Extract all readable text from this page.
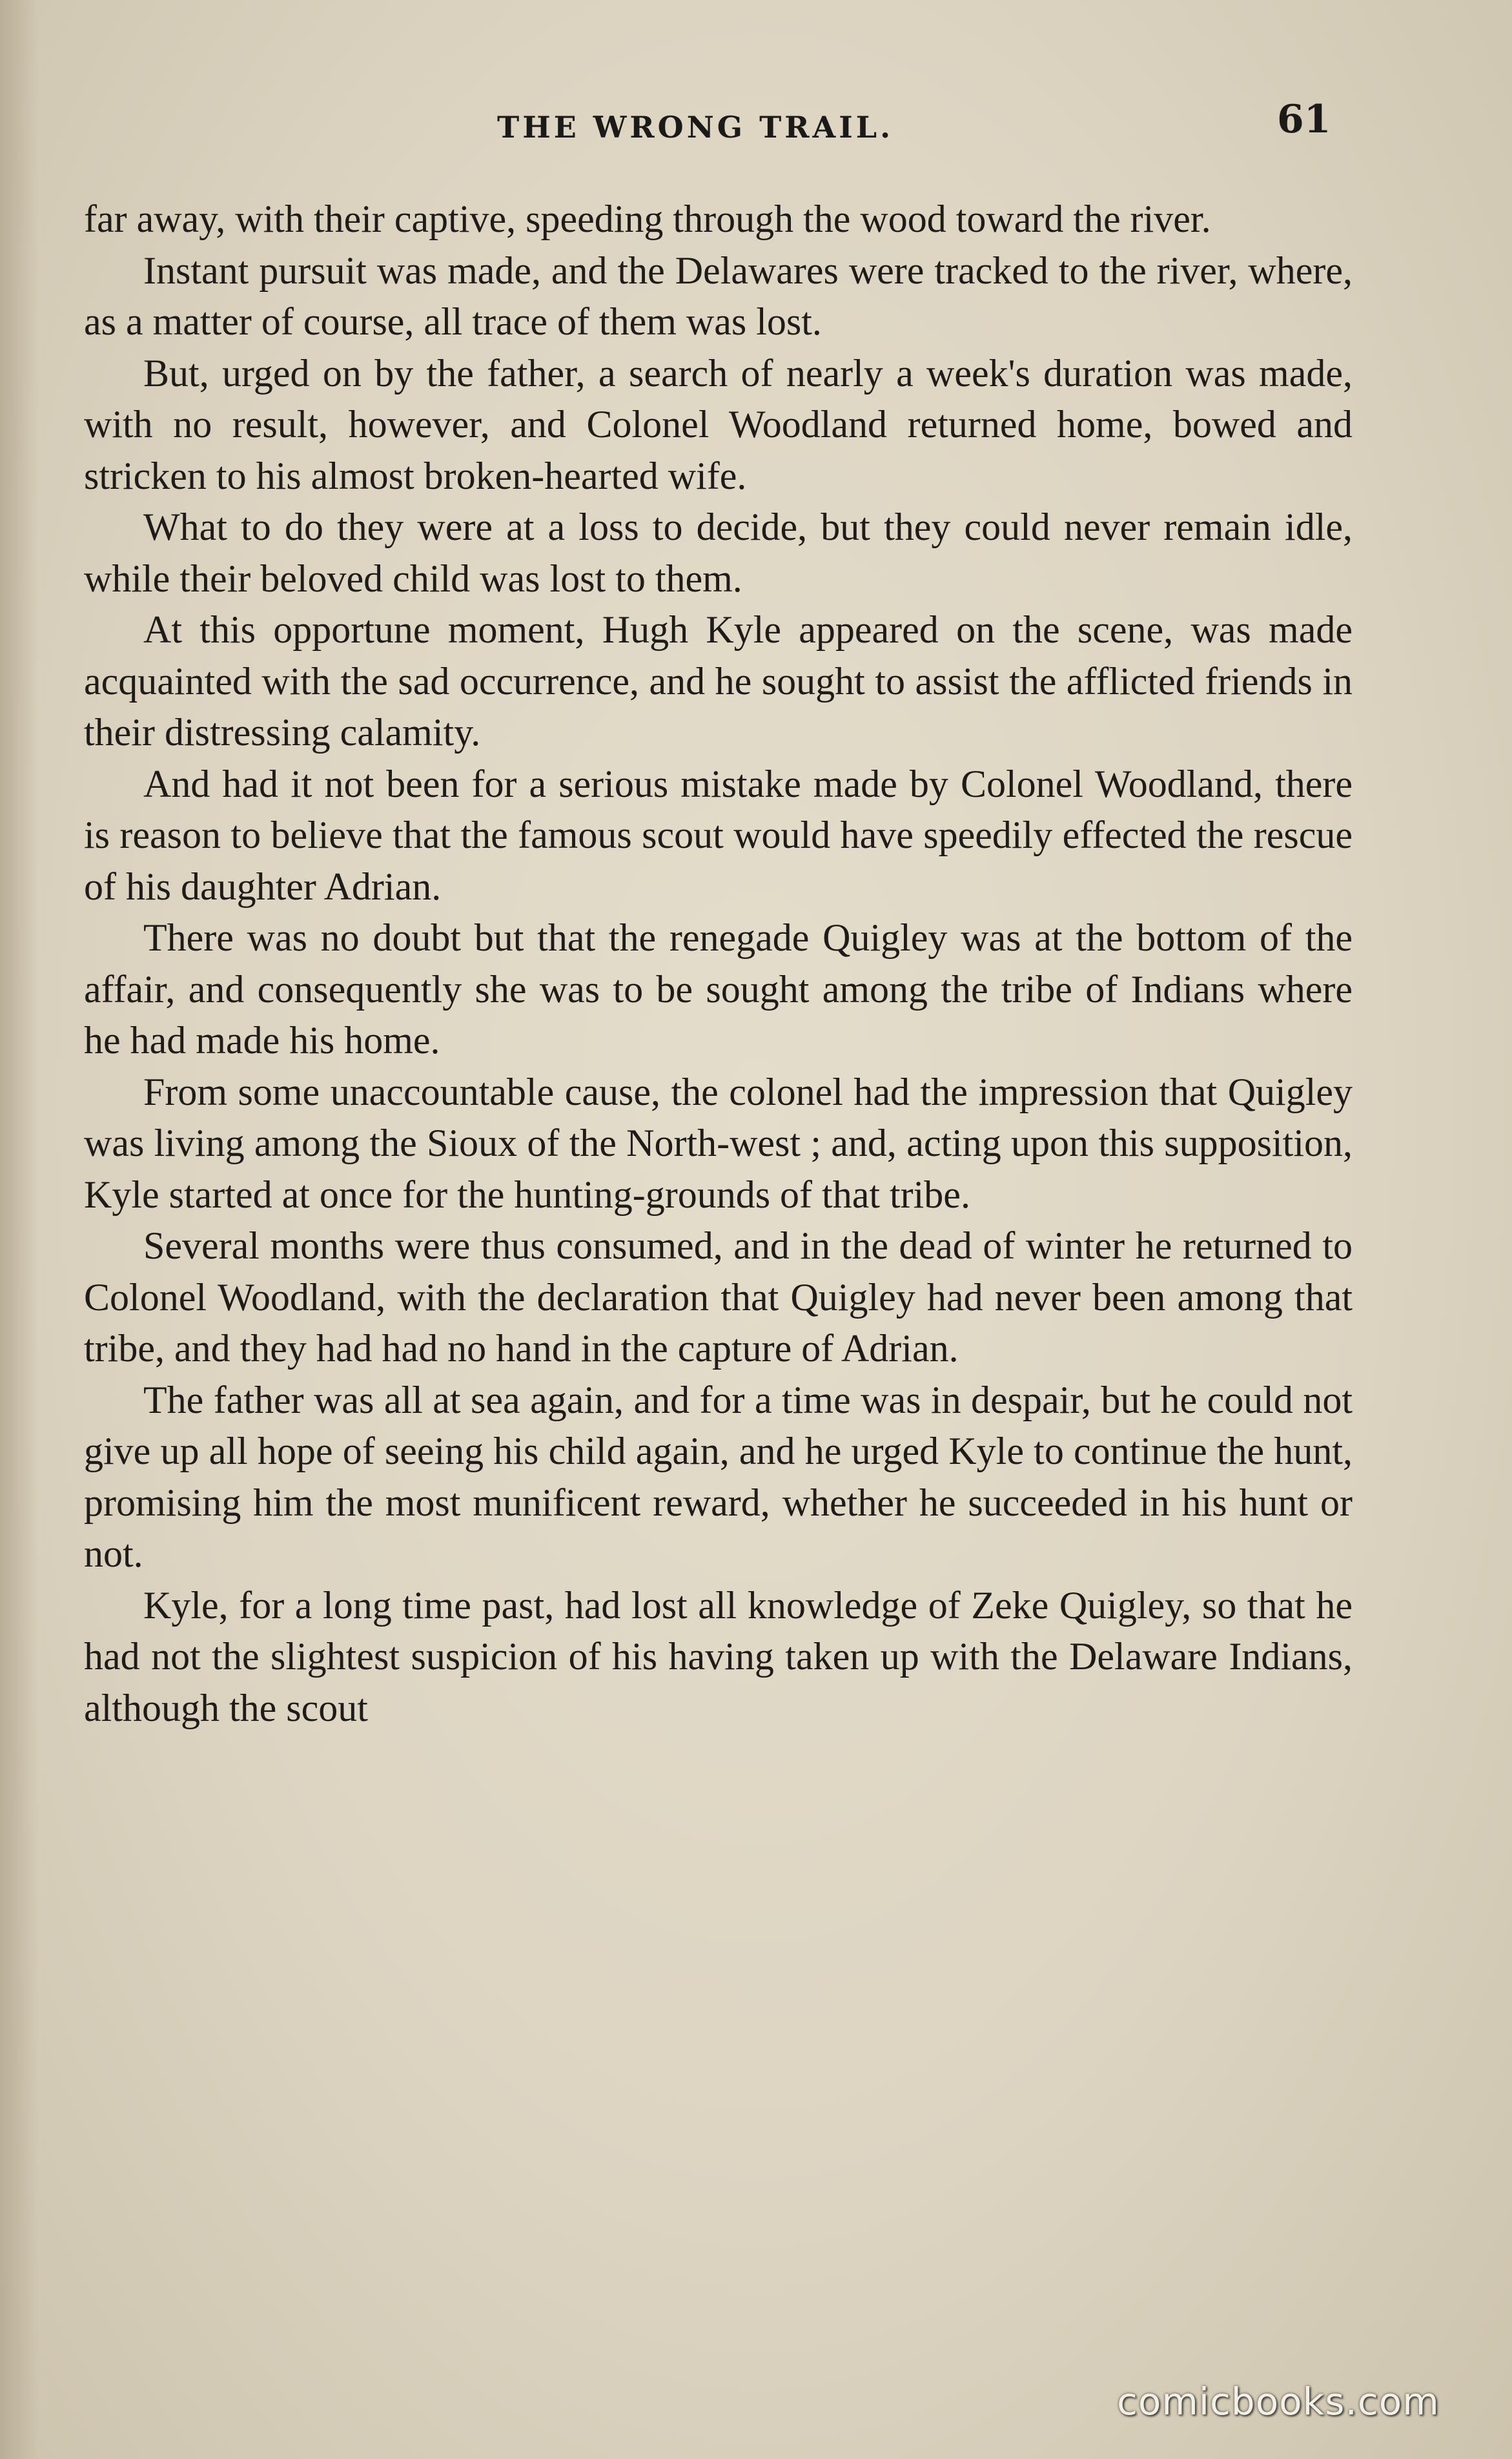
THE WRONG TRAIL.	61

far away, with their captive, speeding through the wood toward the river.

Instant pursuit was made, and the Delawares were tracked to the river, where, as a matter of course, all trace of them was lost.

But, urged on by the father, a search of nearly a week's duration was made, with no result, however, and Colonel Woodland returned home, bowed and stricken to his almost broken-hearted wife.

What to do they were at a loss to decide, but they could never remain idle, while their beloved child was lost to them.

At this opportune moment, Hugh Kyle appeared on the scene, was made acquainted with the sad occurrence, and he sought to assist the afflicted friends in their distressing calamity.

And had it not been for a serious mistake made by Colonel Woodland, there is reason to believe that the famous scout would have speedily effected the rescue of his daughter Adrian.

There was no doubt but that the renegade Quigley was at the bottom of the affair, and consequently she was to be sought among the tribe of Indians where he had made his home.

From some unaccountable cause, the colonel had the impression that Quigley was living among the Sioux of the North-west ; and, acting upon this supposition, Kyle started at once for the hunting-grounds of that tribe.

Several months were thus consumed, and in the dead of winter he returned to Colonel Woodland, with the declaration that Quigley had never been among that tribe, and they had had no hand in the capture of Adrian.

The father was all at sea again, and for a time was in despair, but he could not give up all hope of seeing his child again, and he urged Kyle to continue the hunt, promising him the most munificent reward, whether he succeeded in his hunt or not.

Kyle, for a long time past, had lost all knowledge of Zeke Quigley, so that he had not the slightest suspicion of his having taken up with the Delaware Indians, although the scout

comicbooks.com
